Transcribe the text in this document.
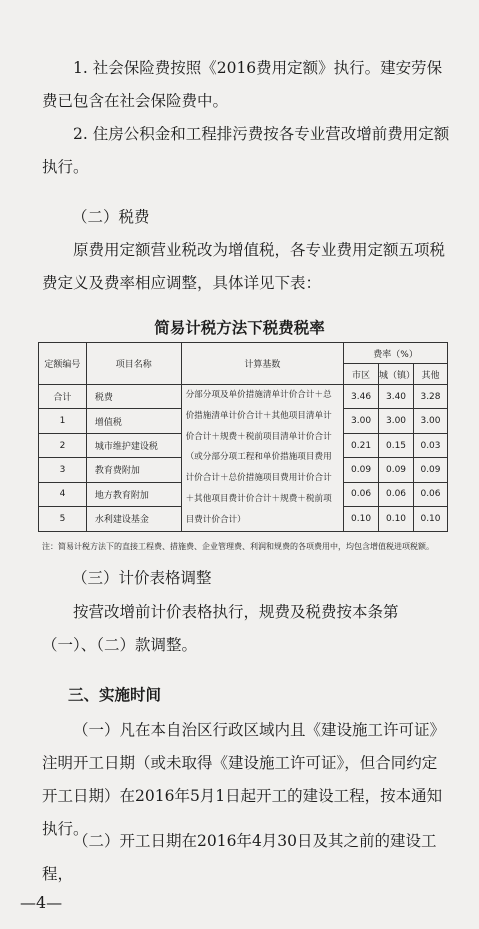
1. 社会保险费按照《2016费用定额》执行。建安劳保费已包含在社会保险费中。

2. 住房公积金和工程排污费按各专业营改增前费用定额执行。

（二）税费

原费用定额营业税改为增值税，各专业费用定额五项税费定义及费率相应调整，具体详见下表：

简易计税方法下税费税率
定额编号	项目名称	计算基数	费率（%）		
			市区	城（镇）	其他
合计	税费	分部分项及单价措施清单计价合计＋总价措施清单计价合计＋其他项目清单计价合计＋规费＋税前项目清单计价合计（或分部分项工程和单价措施项目费用计价合计＋总价措施项目费用计价合计＋其他项目费计价合计＋规费＋税前项目费计价合计）	3.46	3.40	3.28
1	增值税		3.00	3.00	3.00
2	城市维护建设税		0.21	0.15	0.03
3	教育费附加		0.09	0.09	0.09
4	地方教育附加		0.06	0.06	0.06
5	水利建设基金		0.10	0.10	0.10
注：简易计税方法下的直接工程费、措施费、企业管理费、利润和规费的各项费用中，均包含增值税进项税额。

（三）计价表格调整

按营改增前计价表格执行，规费及税费按本条第（一）、（二）款调整。

三、实施时间

（一）凡在本自治区行政区域内且《建设施工许可证》注明开工日期（或未取得《建设施工许可证》，但合同约定开工日期）在2016年5月1日起开工的建设工程，按本通知执行。

（二）开工日期在2016年4月30日及其之前的建设工程，

—4—
